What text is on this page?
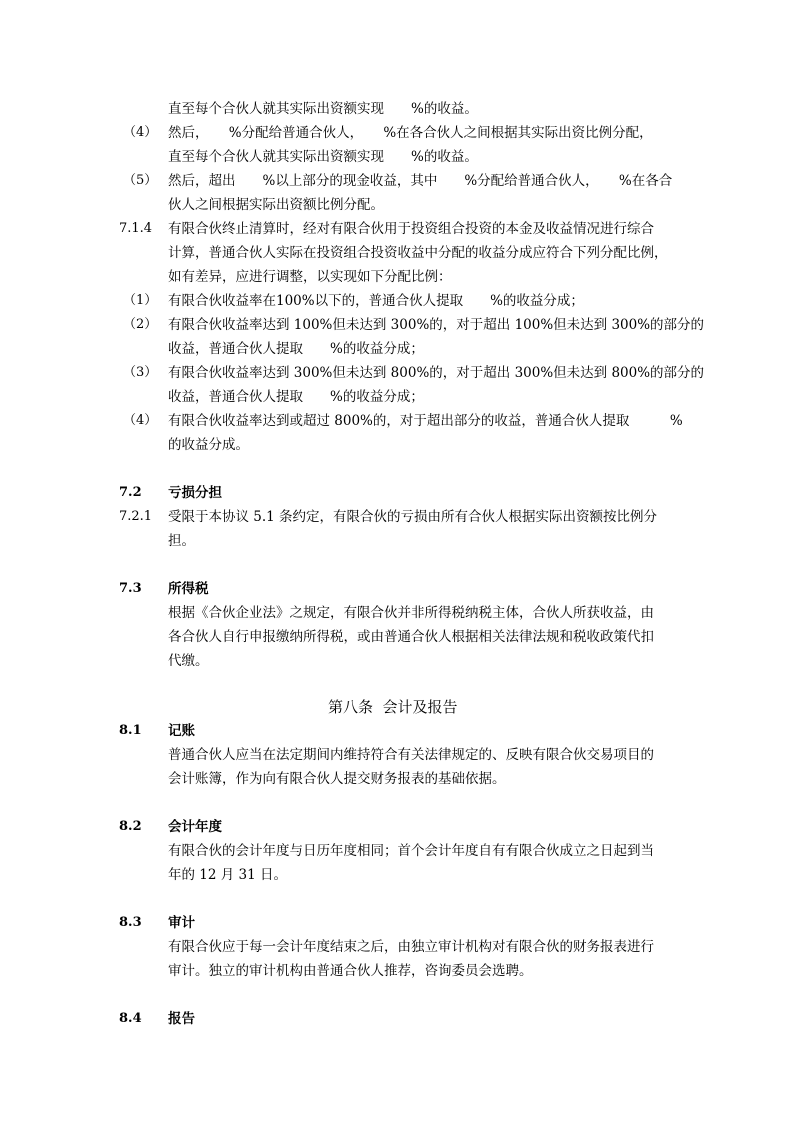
直至每个合伙人就其实际出资额实现　　%的收益。
（4） 然后，　　%分配给普通合伙人，　　%在各合伙人之间根据其实际出资比例分配，
直至每个合伙人就其实际出资额实现　　%的收益。
（5） 然后，超出　　%以上部分的现金收益，其中　　%分配给普通合伙人，　　%在各合
伙人之间根据实际出资额比例分配。
7.1.4 有限合伙终止清算时，经对有限合伙用于投资组合投资的本金及收益情况进行综合
计算，普通合伙人实际在投资组合投资收益中分配的收益分成应符合下列分配比例，
如有差异，应进行调整，以实现如下分配比例：
（1） 有限合伙收益率在100%以下的，普通合伙人提取　　%的收益分成；
（2） 有限合伙收益率达到 100%但未达到 300%的，对于超出 100%但未达到 300%的部分的
收益，普通合伙人提取　　%的收益分成；
（3） 有限合伙收益率达到 300%但未达到 800%的，对于超出 300%但未达到 800%的部分的
收益，普通合伙人提取　　%的收益分成；
（4） 有限合伙收益率达到或超过 800%的，对于超出部分的收益，普通合伙人提取　　　%
的收益分成。
7.2 亏损分担
7.2.1 受限于本协议 5.1 条约定，有限合伙的亏损由所有合伙人根据实际出资额按比例分
担。
7.3 所得税
根据《合伙企业法》之规定，有限合伙并非所得税纳税主体，合伙人所获收益，由
各合伙人自行申报缴纳所得税，或由普通合伙人根据相关法律法规和税收政策代扣
代缴。
第八条  会计及报告
8.1 记账
普通合伙人应当在法定期间内维持符合有关法律规定的、反映有限合伙交易项目的
会计账簿，作为向有限合伙人提交财务报表的基础依据。
8.2 会计年度
有限合伙的会计年度与日历年度相同；首个会计年度自有有限合伙成立之日起到当
年的 12 月 31 日。
8.3 审计
有限合伙应于每一会计年度结束之后，由独立审计机构对有限合伙的财务报表进行
审计。独立的审计机构由普通合伙人推荐，咨询委员会选聘。
8.4 报告
